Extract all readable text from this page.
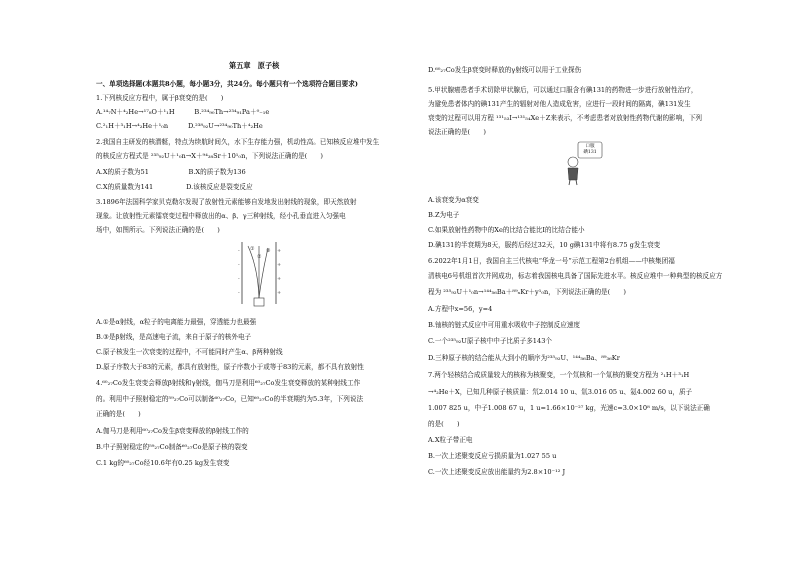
第五章　原子核
一、单项选择题(本题共8小题，每小题3分，共24分。每小题只有一个选项符合题目要求)
1.下列核反应方程中，属于β衰变的是(　　)
A.¹⁴₇N＋⁴₂He→¹⁷₈O＋¹₁H　　　B.²³⁴₉₀Th→²³⁴₉₁Pa＋⁰₋₁e
C.²₁H＋³₁H→⁴₂He＋¹₀n　　　D.²³⁸₉₂U→²³⁴₉₀Th＋⁴₂He
2.我国自主研发的核潜艇，特点为续航时间久，水下生存能力强，机动性高。已知核反应堆中发生
的核反应方程式是 ²³⁵₉₂U＋¹₀n→X＋⁹⁴₃₈Sr＋10¹₀n，下列说法正确的是(　　)
A.X的质子数为51　　　　　　B.X的质子数为136
C.X的质量数为141　　　　　D.该核反应是裂变反应
3.1896年法国科学家贝克勒尔发现了放射性元素能够自发地发出射线的现象，即天然放射
现象。让放射性元素镭衰变过程中释放出的α、β、γ三种射线，经小孔垂直进入匀强电
场中，如图所示。下列说法正确的是(　　)
-
-
-
-
+
+
+
+
①
②
③
A.①是α射线，α粒子的电离能力最强，穿透能力也最强
B.③是β射线，是高速电子流，来自于原子的核外电子
C.原子核发生一次衰变的过程中，不可能同时产生α、β两种射线
D.原子序数大于83的元素，都具有放射性，原子序数小于或等于83的元素，都不具有放射性
4.⁶⁰₂₇Co发生衰变会释放β射线和γ射线，伽马刀是利用⁶⁰₂₇Co发生衰变释放的某种射线工作
的。利用中子照射稳定的⁵⁹₂₇Co可以制备⁶⁰₂₇Co，已知⁶⁰₂₇Co的半衰期约为5.3年，下列说法
正确的是(　　)
A.伽马刀是利用⁶⁰₂₇Co发生β衰变释放的β射线工作的
B.中子照射稳定的⁵⁹₂₇Co制备⁶⁰₂₇Co是原子核的裂变
C.1 kg的⁶⁰₂₇Co经10.6年有0.25 kg发生衰变
D.⁶⁰₂₇Co发生β衰变时释放的γ射线可以用于工业探伤
5.甲状腺癌患者手术切除甲状腺后，可以通过口服含有碘131的药物进一步进行放射性治疗，
为避免患者体内的碘131产生的辐射对他人造成危害，应进行一段时间的隔离，碘131发生
衰变的过程可以用方程 ¹³¹₅₃I→¹³¹₅₄Xe＋Z来表示，不考虑患者对放射性药物代谢的影响，下列
说法正确的是(　　)
口服
碘131
A.该衰变为α衰变
B.Z为电子
C.如果放射性药物中的Xe的比结合能比I的比结合能小
D.碘131的半衰期为8天，服药后经过32天，10 g碘131中将有8.75 g发生衰变
6.2022年1月1日，我国自主三代核电“华龙一号”示范工程第2台机组——中核集团福
清核电6号机组首次并网成功，标志着我国核电具备了国际先进水平。核反应堆中一种典型的核反应方
程为 ²³⁵₉₂U＋¹₀n→¹⁴⁴₅₆Ba＋⁸⁹ₓKr＋y¹₀n，下列说法正确的是(　　)
A.方程中x=56，y=4
B.铀核的链式反应中可用重水吸收中子控制反应速度
C.一个²³⁵₉₂U原子核中中子比质子多143个
D.三种原子核的结合能从大到小的顺序为²³⁵₉₂U、¹⁴⁴₅₆Ba、⁸⁹₃₆Kr
7.两个轻核结合成质量较大的核称为核聚变，一个氘核和一个氚核的聚变方程为 ²₁H＋³₁H
→⁴₂He＋X，已知几种原子核质量：氘2.014 10 u、氚3.016 05 u、氦4.002 60 u，质子
1.007 825 u，中子1.008 67 u，1 u=1.66×10⁻²⁷ kg，光速c=3.0×10⁸ m/s，以下说法正确
的是(　　)
A.X粒子带正电
B.一次上述聚变反应亏损质量为1.027 55 u
C.一次上述聚变反应放出能量约为2.8×10⁻¹² J
